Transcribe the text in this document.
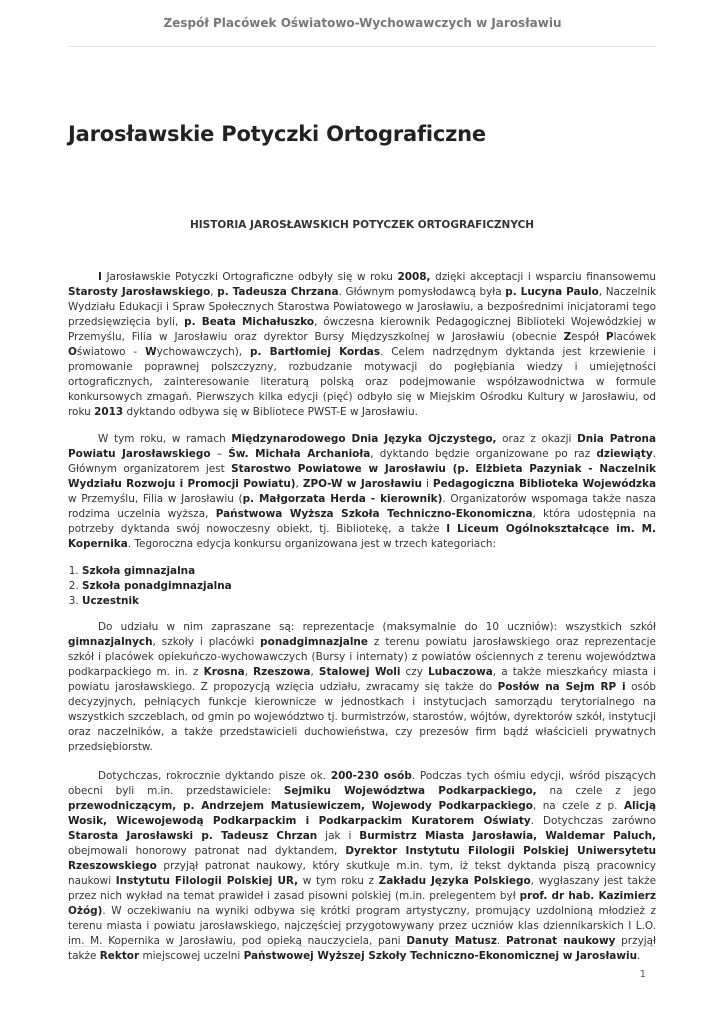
Zespół Placówek Oświatowo-Wychowawczych w Jarosławiu
Jarosławskie Potyczki Ortograficzne
HISTORIA JAROSŁAWSKICH POTYCZEK ORTOGRAFICZNYCH

I Jarosławskie Potyczki Ortograficzne odbyły się w roku 2008, dzięki akceptacji i wsparciu finansowemu Starosty Jarosławskiego, p. Tadeusza Chrzana. Głównym pomysłodawcą była p. Lucyna Paulo, Naczelnik Wydziału Edukacji i Spraw Społecznych Starostwa Powiatowego w Jarosławiu, a bezpośrednimi inicjatorami tego przedsięwzięcia byli, p. Beata Michałuszko, ówczesna kierownik Pedagogicznej Biblioteki Wojewódzkiej w Przemyślu, Filia w Jarosławiu oraz dyrektor Bursy Międzyszkolnej w Jarosławiu (obecnie Zespół Placówek Oświatowo - Wychowawczych), p. Bartłomiej Kordas. Celem nadrzędnym dyktanda jest krzewienie i promowanie poprawnej polszczyzny, rozbudzanie motywacji do pogłębiania wiedzy i umiejętności ortograficznych, zainteresowanie literaturą polską oraz podejmowanie współzawodnictwa w formule konkursowych zmagań. Pierwszych kilka edycji (pięć) odbyło się w Miejskim Ośrodku Kultury w Jarosławiu, od roku 2013 dyktando odbywa się w Bibliotece PWST-E w Jarosławiu.

W tym roku, w ramach Międzynarodowego Dnia Języka Ojczystego, oraz z okazji Dnia Patrona Powiatu Jarosławskiego – Św. Michała Archanioła, dyktando będzie organizowane po raz dziewiąty. Głównym organizatorem jest Starostwo Powiatowe w Jarosławiu (p. Elżbieta Pazyniak - Naczelnik Wydziału Rozwoju i Promocji Powiatu), ZPO-W w Jarosławiu i Pedagogiczna Biblioteka Wojewódzka w Przemyślu, Filia w Jarosławiu (p. Małgorzata Herda - kierownik). Organizatorów wspomaga także nasza rodzima uczelnia wyższa, Państwowa Wyższa Szkoła Techniczno-Ekonomiczna, która udostępnia na potrzeby dyktanda swój nowoczesny obiekt, tj. Bibliotekę, a także I Liceum Ogólnokształcące im. M. Kopernika. Tegoroczna edycja konkursu organizowana jest w trzech kategoriach:

1. Szkoła gimnazjalna
2. Szkoła ponadgimnazjalna
3. Uczestnik

Do udziału w nim zapraszane są: reprezentacje (maksymalnie do 10 uczniów): wszystkich szkół gimnazjalnych, szkoły i placówki ponadgimnazjalne z terenu powiatu jarosławskiego oraz reprezentacje szkół i placówek opiekuńczo-wychowawczych (Bursy i internaty) z powiatów ościennych z terenu województwa podkarpackiego m. in. z Krosna, Rzeszowa, Stalowej Woli czy Lubaczowa, a także mieszkańcy miasta i powiatu jarosławskiego. Z propozycją wzięcia udziału, zwracamy się także do Posłów na Sejm RP i osób decyzyjnych, pełniących funkcje kierownicze w jednostkach i instytucjach samorządu terytorialnego na wszystkich szczeblach, od gmin po województwo tj. burmistrzów, starostów, wójtów, dyrektorów szkół, instytucji oraz naczelników, a także przedstawicieli duchowieństwa, czy prezesów firm bądź właścicieli prywatnych przedsiębiorstw.

Dotychczas, rokrocznie dyktando pisze ok. 200-230 osób. Podczas tych ośmiu edycji, wśród piszących obecni byli m.in. przedstawiciele: Sejmiku Województwa Podkarpackiego, na czele z jego przewodniczącym, p. Andrzejem Matusiewiczem, Wojewody Podkarpackiego, na czele z p. Alicją Wosik, Wicewojewodą Podkarpackim i Podkarpackim Kuratorem Oświaty. Dotychczas zarówno Starosta Jarosławski p. Tadeusz Chrzan jak i Burmistrz Miasta Jarosławia, Waldemar Paluch, obejmowali honorowy patronat nad dyktandem, Dyrektor Instytutu Filologii Polskiej Uniwersytetu Rzeszowskiego przyjął patronat naukowy, który skutkuje m.in. tym, iż tekst dyktanda piszą pracownicy naukowi Instytutu Filologii Polskiej UR, w tym roku z Zakładu Języka Polskiego, wygłaszany jest także przez nich wykład na temat prawideł i zasad pisowni polskiej (m.in. prelegentem był prof. dr hab. Kazimierz Ożóg). W oczekiwaniu na wyniki odbywa się krótki program artystyczny, promujący uzdolnioną młodzież z terenu miasta i powiatu jarosławskiego, najczęściej przygotowywany przez uczniów klas dziennikarskich I L.O. im. M. Kopernika w Jarosławiu, pod opieką nauczyciela, pani Danuty Matusz. Patronat naukowy przyjął także Rektor miejscowej uczelni Państwowej Wyższej Szkoły Techniczno-Ekonomicznej w Jarosławiu.

1
